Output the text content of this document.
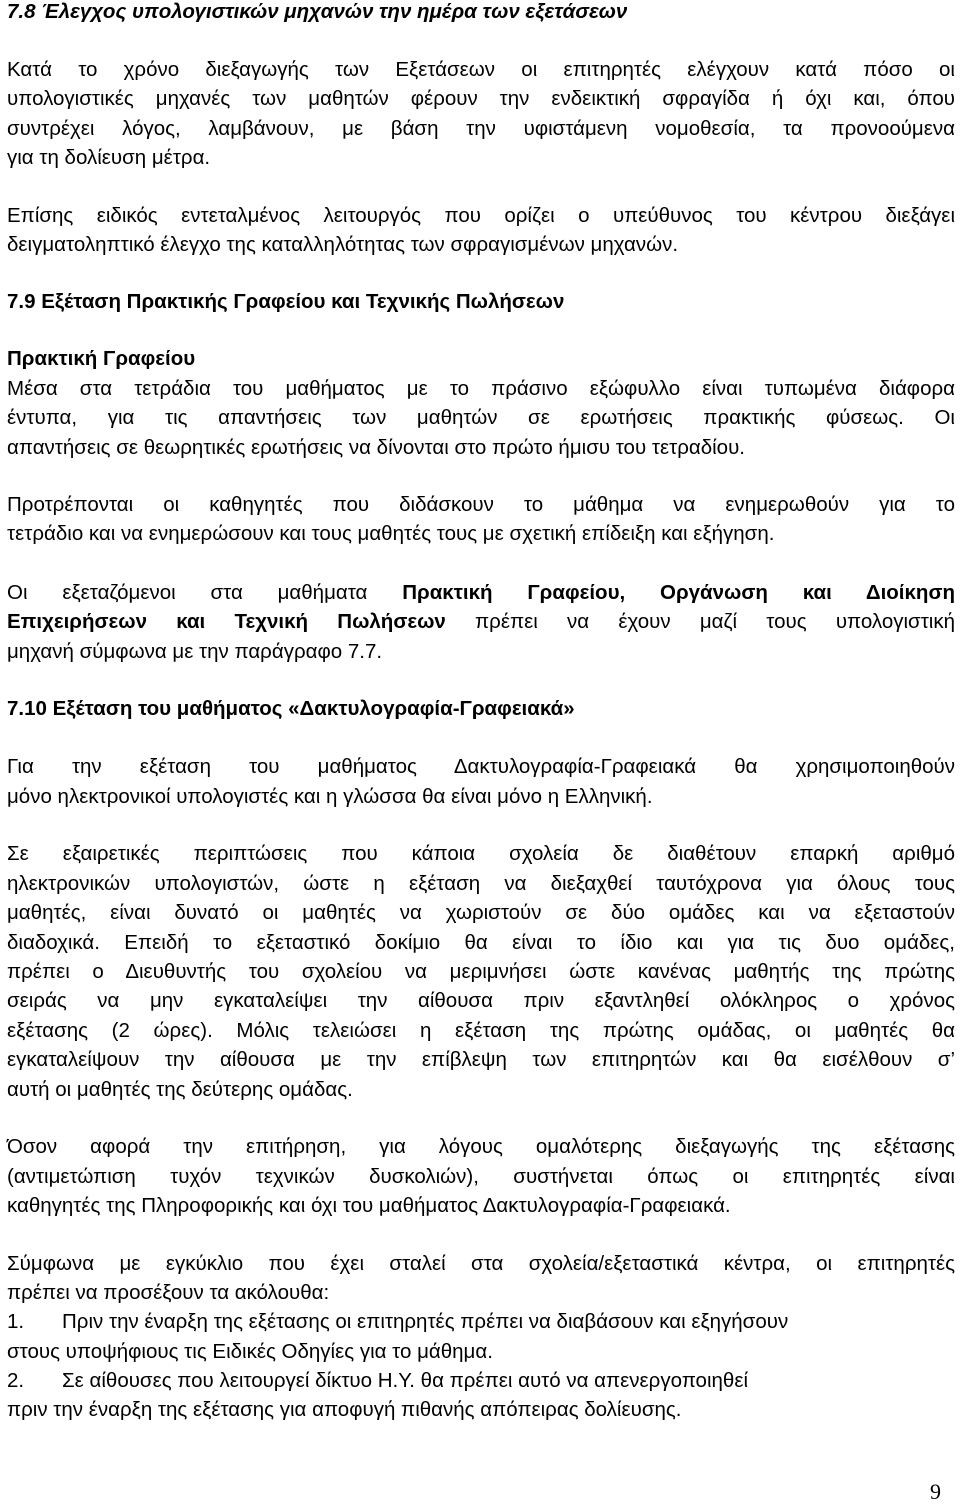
7.8 Έλεγχος υπολογιστικών μηχανών την ημέρα των εξετάσεων

Κατά το χρόνο διεξαγωγής των Εξετάσεων οι επιτηρητές ελέγχουν κατά πόσο οι

υπολογιστικές μηχανές των μαθητών φέρουν την ενδεικτική σφραγίδα ή όχι και, όπου

συντρέχει λόγος, λαμβάνουν, με βάση την υφιστάμενη νομοθεσία, τα προνοούμενα

για τη δολίευση μέτρα.

Επίσης ειδικός εντεταλμένος λειτουργός που ορίζει ο υπεύθυνος του κέντρου διεξάγει

δειγματοληπτικό έλεγχο της καταλληλότητας των σφραγισμένων μηχανών.

7.9 Εξέταση Πρακτικής Γραφείου και Τεχνικής Πωλήσεων

Πρακτική Γραφείου

Μέσα στα τετράδια του μαθήματος με το πράσινο εξώφυλλο είναι τυπωμένα διάφορα

έντυπα, για τις απαντήσεις των μαθητών σε ερωτήσεις πρακτικής φύσεως. Οι

απαντήσεις σε θεωρητικές ερωτήσεις να δίνονται στο πρώτο ήμισυ του τετραδίου.

Προτρέπονται οι καθηγητές που διδάσκουν το μάθημα να ενημερωθούν για το

τετράδιο και να ενημερώσουν και τους μαθητές τους με σχετική επίδειξη και εξήγηση.

Οι εξεταζόμενοι στα μαθήματα Πρακτική Γραφείου, Οργάνωση και Διοίκηση

Επιχειρήσεων και Τεχνική Πωλήσεων πρέπει να έχουν μαζί τους υπολογιστική

μηχανή σύμφωνα με την παράγραφο 7.7.

7.10 Εξέταση του μαθήματος «Δακτυλογραφία-Γραφειακά»

Για την εξέταση του μαθήματος Δακτυλογραφία-Γραφειακά θα χρησιμοποιηθούν

μόνο ηλεκτρονικοί υπολογιστές και η γλώσσα θα είναι μόνο η Ελληνική.

Σε εξαιρετικές περιπτώσεις που κάποια σχολεία δε διαθέτουν επαρκή αριθμό

ηλεκτρονικών υπολογιστών, ώστε η εξέταση να διεξαχθεί ταυτόχρονα για όλους τους

μαθητές, είναι δυνατό οι μαθητές να χωριστούν σε δύο ομάδες και να εξεταστούν

διαδοχικά. Επειδή το εξεταστικό δοκίμιο θα είναι το ίδιο και για τις δυο ομάδες,

πρέπει ο Διευθυντής του σχολείου να μεριμνήσει ώστε κανένας μαθητής της πρώτης

σειράς να μην εγκαταλείψει την αίθουσα πριν εξαντληθεί ολόκληρος ο χρόνος

εξέτασης (2 ώρες). Μόλις τελειώσει η εξέταση της πρώτης ομάδας, οι μαθητές θα

εγκαταλείψουν την αίθουσα με την επίβλεψη των επιτηρητών και θα εισέλθουν σ’

αυτή οι μαθητές της δεύτερης ομάδας.

Όσον αφορά την επιτήρηση, για λόγους ομαλότερης διεξαγωγής της εξέτασης

(αντιμετώπιση τυχόν τεχνικών δυσκολιών), συστήνεται όπως οι επιτηρητές είναι

καθηγητές της Πληροφορικής και όχι του μαθήματος Δακτυλογραφία-Γραφειακά.

Σύμφωνα με εγκύκλιο που έχει σταλεί στα σχολεία/εξεταστικά κέντρα, οι επιτηρητές

πρέπει να προσέξουν τα ακόλουθα:

1. Πριν την έναρξη της εξέτασης οι επιτηρητές πρέπει να διαβάσουν και εξηγήσουν

στους υποψήφιους τις Ειδικές Οδηγίες για το μάθημα.

2. Σε αίθουσες που λειτουργεί δίκτυο Η.Υ. θα πρέπει αυτό να απενεργοποιηθεί

πριν την έναρξη της εξέτασης για αποφυγή πιθανής απόπειρας δολίευσης.

9
